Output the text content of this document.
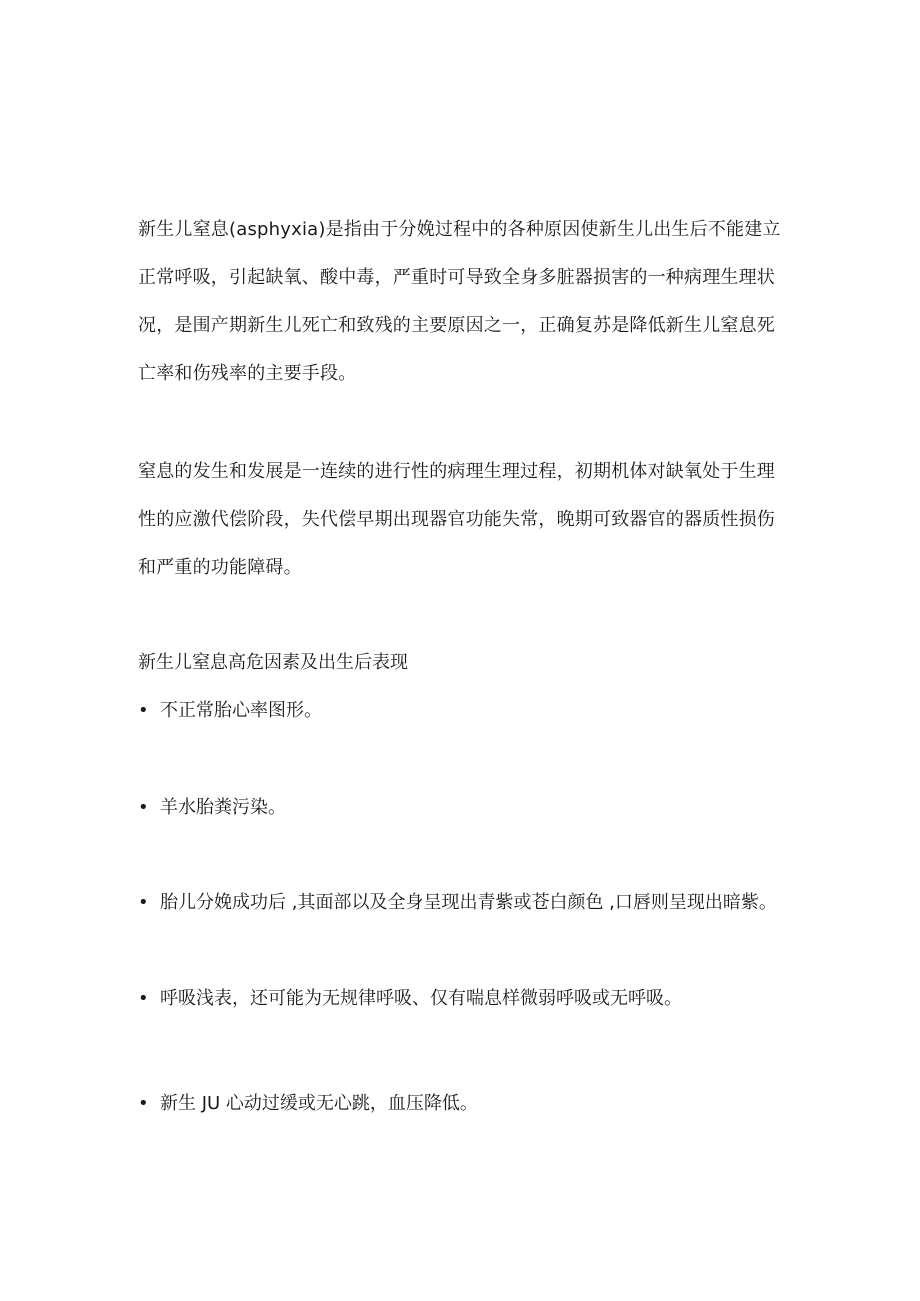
新生儿窒息(asphyxia)是指由于分娩过程中的各种原因使新生儿出生后不能建立正常呼吸，引起缺氧、酸中毒，严重时可导致全身多脏器损害的一种病理生理状况，是围产期新生儿死亡和致残的主要原因之一，正确复苏是降低新生儿窒息死亡率和伤残率的主要手段。

窒息的发生和发展是一连续的进行性的病理生理过程，初期机体对缺氧处于生理性的应激代偿阶段，失代偿早期出现器官功能失常，晚期可致器官的器质性损伤和严重的功能障碍。

新生儿窒息高危因素及出生后表现

• 不正常胎心率图形。
• 羊水胎粪污染。
• 胎儿分娩成功后 ,其面部以及全身呈现出青紫或苍白颜色 ,口唇则呈现出暗紫。
• 呼吸浅表，还可能为无规律呼吸、仅有喘息样微弱呼吸或无呼吸。
• 新生 JU 心动过缓或无心跳，血压降低。
